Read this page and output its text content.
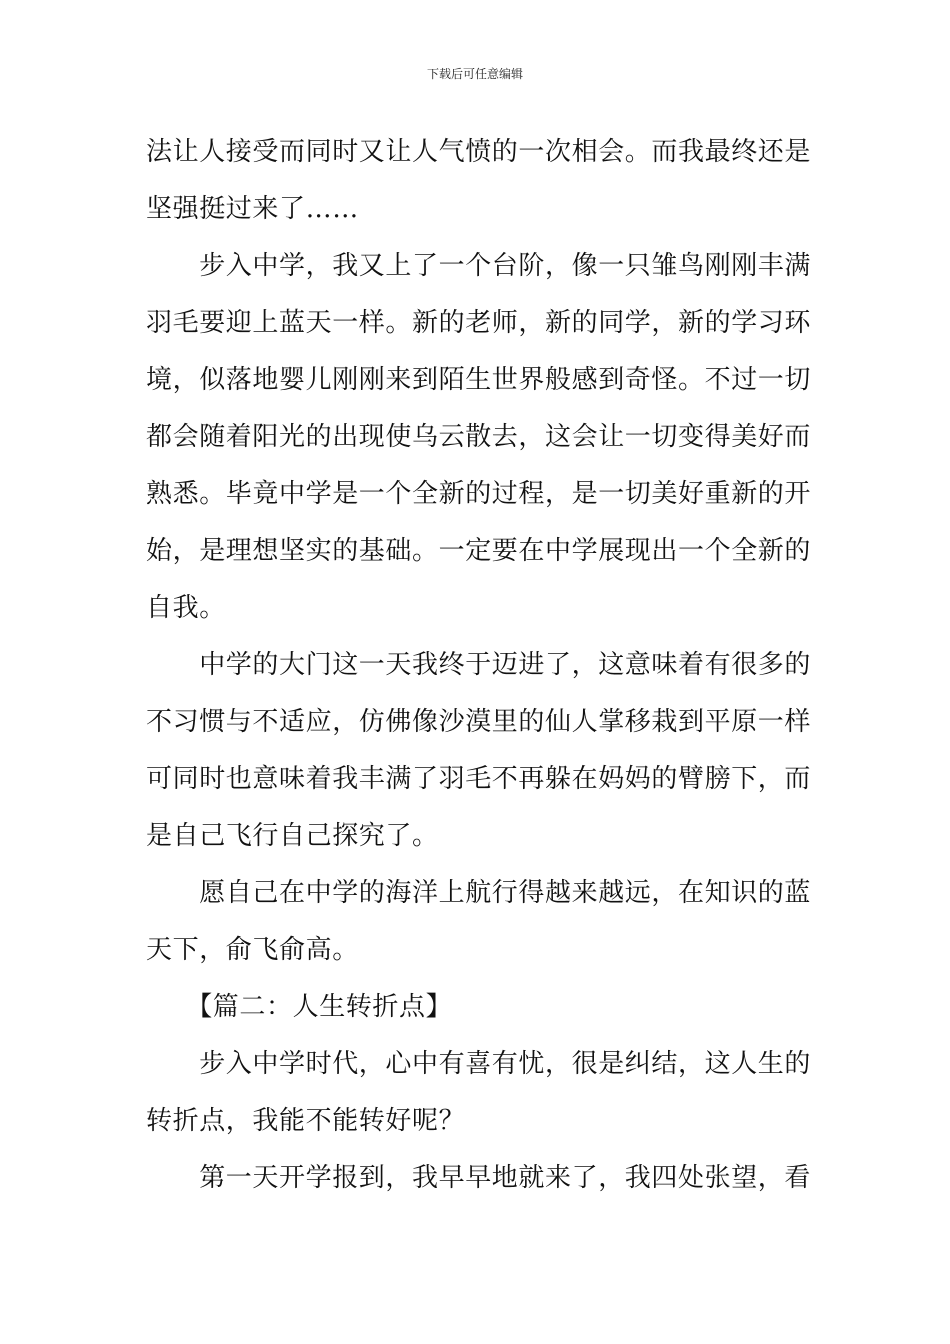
下载后可任意编辑
法让人接受而同时又让人气愤的一次相会。而我最终还是
坚强挺过来了……
　　步入中学，我又上了一个台阶，像一只雏鸟刚刚丰满
羽毛要迎上蓝天一样。新的老师，新的同学，新的学习环
境，似落地婴儿刚刚来到陌生世界般感到奇怪。不过一切
都会随着阳光的出现使乌云散去，这会让一切变得美好而
熟悉。毕竟中学是一个全新的过程，是一切美好重新的开
始，是理想坚实的基础。一定要在中学展现出一个全新的
自我。
　　中学的大门这一天我终于迈进了，这意味着有很多的
不习惯与不适应，仿佛像沙漠里的仙人掌移栽到平原一样
可同时也意味着我丰满了羽毛不再躲在妈妈的臂膀下，而
是自己飞行自己探究了。
　　愿自己在中学的海洋上航行得越来越远，在知识的蓝
天下，俞飞俞高。
　　【篇二：人生转折点】
　　步入中学时代，心中有喜有忧，很是纠结，这人生的
转折点，我能不能转好呢？
　　第一天开学报到，我早早地就来了，我四处张望，看
